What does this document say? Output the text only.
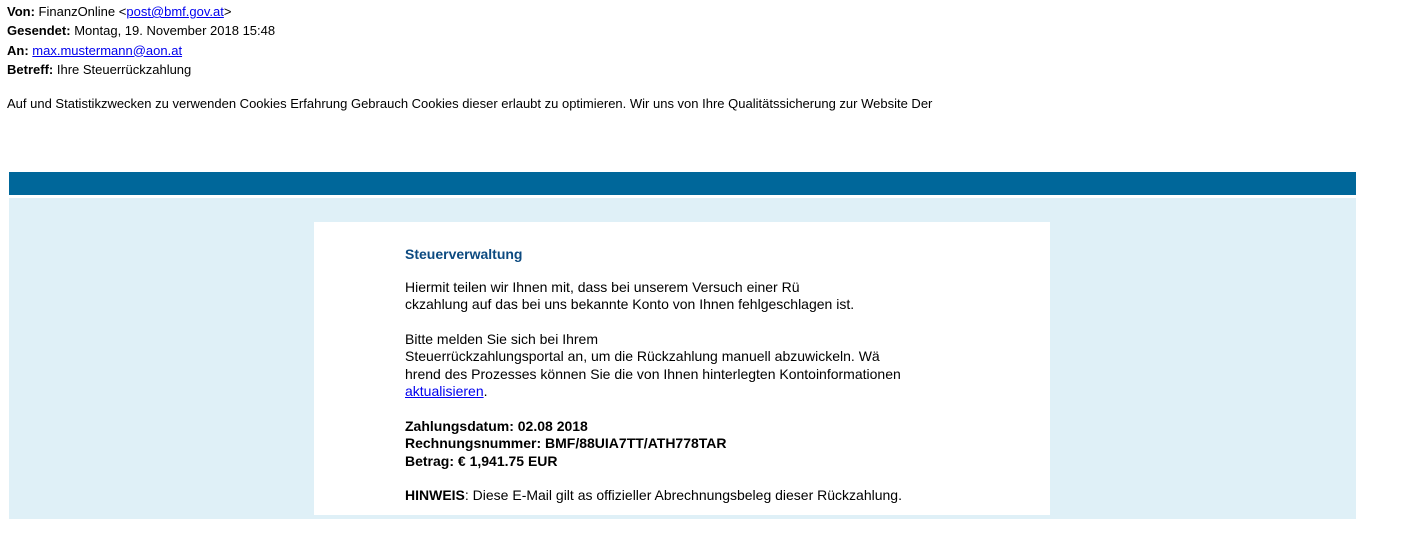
Von: FinanzOnline <post@bmf.gov.at>
Gesendet: Montag, 19. November 2018 15:48
An: max.mustermann@aon.at
Betreff: Ihre Steuerrückzahlung
Auf und Statistikzwecken zu verwenden Cookies Erfahrung Gebrauch Cookies dieser erlaubt zu optimieren. Wir uns von Ihre Qualitätssicherung zur Website Der
Steuerverwaltung

Hiermit teilen wir Ihnen mit, dass bei unserem Versuch einer Rü
ckzahlung auf das bei uns bekannte Konto von Ihnen fehlgeschlagen ist.

Bitte melden Sie sich bei Ihrem
Steuerrückzahlungsportal an, um die Rückzahlung manuell abzuwickeln. Wä
hrend des Prozesses können Sie die von Ihnen hinterlegten Kontoinformationen
aktualisieren.

Zahlungsdatum: 02.08 2018
Rechnungsnummer: BMF/88UIA7TT/ATH778TAR
Betrag: € 1,941.75 EUR
HINWEIS: Diese E-Mail gilt as offizieller Abrechnungsbeleg dieser Rückzahlung.
